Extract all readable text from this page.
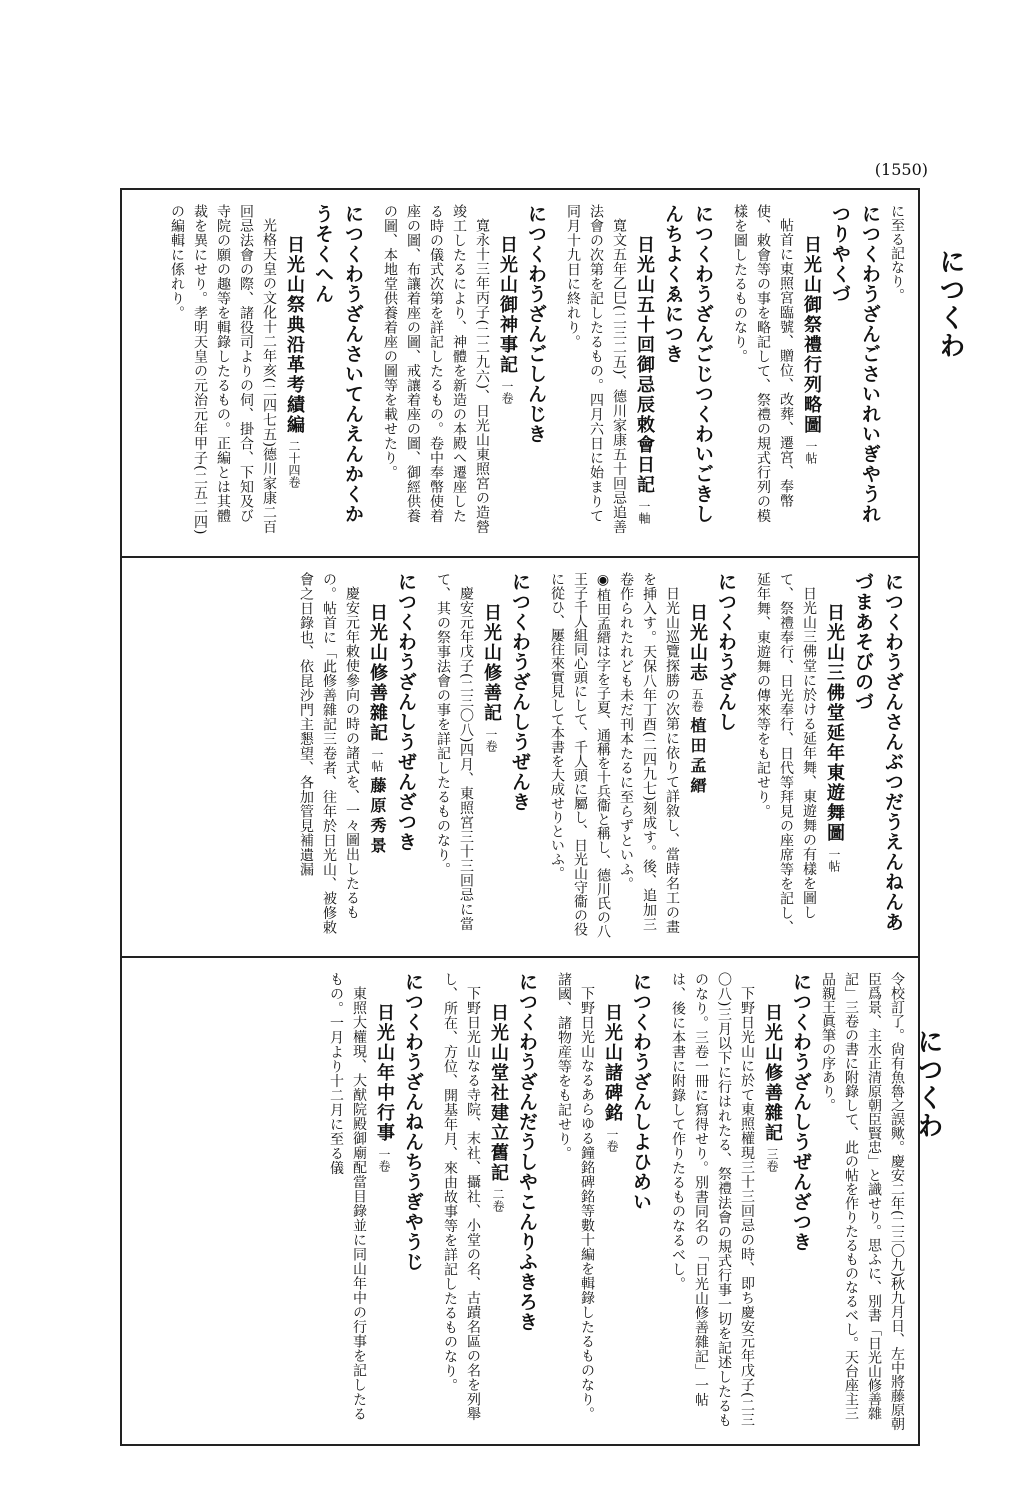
(1550)
につくわ
につくわ
に至る記なり。
につくわうざんごさいれいぎやうれつりやくづ
日光山御祭禮行列略圖 一帖
帖首に東照宮臨號、贈位、改葬、遷宮、奉幣使、敕會等の事を略記して、祭禮の規式行列の模樣を圖したるものなり。
につくわうざんごじつくわいごきしんちよくゑにつき
日光山五十回御忌辰敕會日記 一軸
寛文五年乙巳(二三二五)、德川家康五十回忌追善法會の次第を記したるもの。四月六日に始まりて同月十九日に終れり。
につくわうざんごしんじき
日光山御神事記 一卷
寛永十三年丙子(二二九六)、日光山東照宮の造營竣工したるにより、神體を新造の本殿へ遷座したる時の儀式次第を詳記したるもの。卷中奉幣使着座の圖、布讓着座の圖、戒讓着座の圖、御經供養の圖、本地堂供養着座の圖等を載せたり。
につくわうざんさいてんえんかくかうそくへん
日光山祭典沿革考績編 二十四卷
光格天皇の文化十二年亥(二四七五)德川家康二百回忌法會の際、諸役司よりの伺、掛合、下知及び寺院の願の趣等を輯錄したるもの。正編とは其體裁を異にせり。孝明天皇の元治元年甲子(二五二四)の編輯に係れり。
につくわうざんさんぶつだうえんねんあづまあそびのづ
日光山三佛堂延年東遊舞圖 一帖
日光山三佛堂に於ける延年舞、東遊舞の有樣を圖して、祭禮奉行、日光奉行、日代等拜見の座席等を記し、延年舞、東遊舞の傳來等をも記せり。
につくわうざんし
日光山志 五卷 植田孟縉
日光山巡覽探勝の次第に依りて詳敘し、當時名工の畫を挿入す。天保八年丁酉(二四九七)刻成す。後、追加三卷作られたれども未だ刊本たるに至らずといふ。
◉植田孟縉は字を子夏、通稱を十兵衞と稱し、德川氏の八王子千人組同心頭にして、千人頭に屬し、日光山守衞の役に從ひ、屢往來實見して本書を大成せりといふ。
につくわうざんしうぜんき
日光山修善記 一卷
慶安元年戊子(二三〇八)四月、東照宮三十三回忌に當て、其の祭事法會の事を詳記したるものなり。
につくわうざんしうぜんざつき
日光山修善雜記 一帖 藤原秀景
慶安元年敕使參向の時の諸式を、一々圖出したるもの。帖首に「此修善雜記三卷者、往年於日光山、被修敕會之日錄也、依昆沙門主懇望、各加管見補遺漏
令校訂了。尙有魚魯之誤歟。慶安二年(二三〇九)秋九月日、左中將藤原朝臣爲景、主水正清原朝臣賢忠」と識せり。思ふに、別書「日光山修善雜記」三卷の書に附錄して、此の帖を作りたるものなるべし。天台座主三品親王眞筆の序あり。
につくわうざんしうぜんざつき
日光山修善雜記 三卷
下野日光山に於て東照權現三十三回忌の時、即ち慶安元年戊子(二三〇八)三月以下に行はれたる、祭禮法會の規式行事一切を記述したるものなり。三卷一冊に寫得せり。別書同名の「日光山修善雜記」一帖は、後に本書に附錄して作りたるものなるべし。
につくわうざんしよひめい
日光山諸碑銘 一卷
下野日光山なるあらゆる鐘銘碑銘等數十編を輯錄したるものなり。諸國、諸物産等をも記せり。
につくわうざんだうしやこんりふきろき
日光山堂社建立舊記 二卷
下野日光山なる寺院、末社、攝社、小堂の名、古蹟名區の名を列舉し、所在、方位、開基年月、來由故事等を詳記したるものなり。
につくわうざんねんちうぎやうじ
日光山年中行事 一卷
東照大權現、大猷院殿御廟配當目錄並に同山年中の行事を記したるもの。一月より十二月に至る儀
